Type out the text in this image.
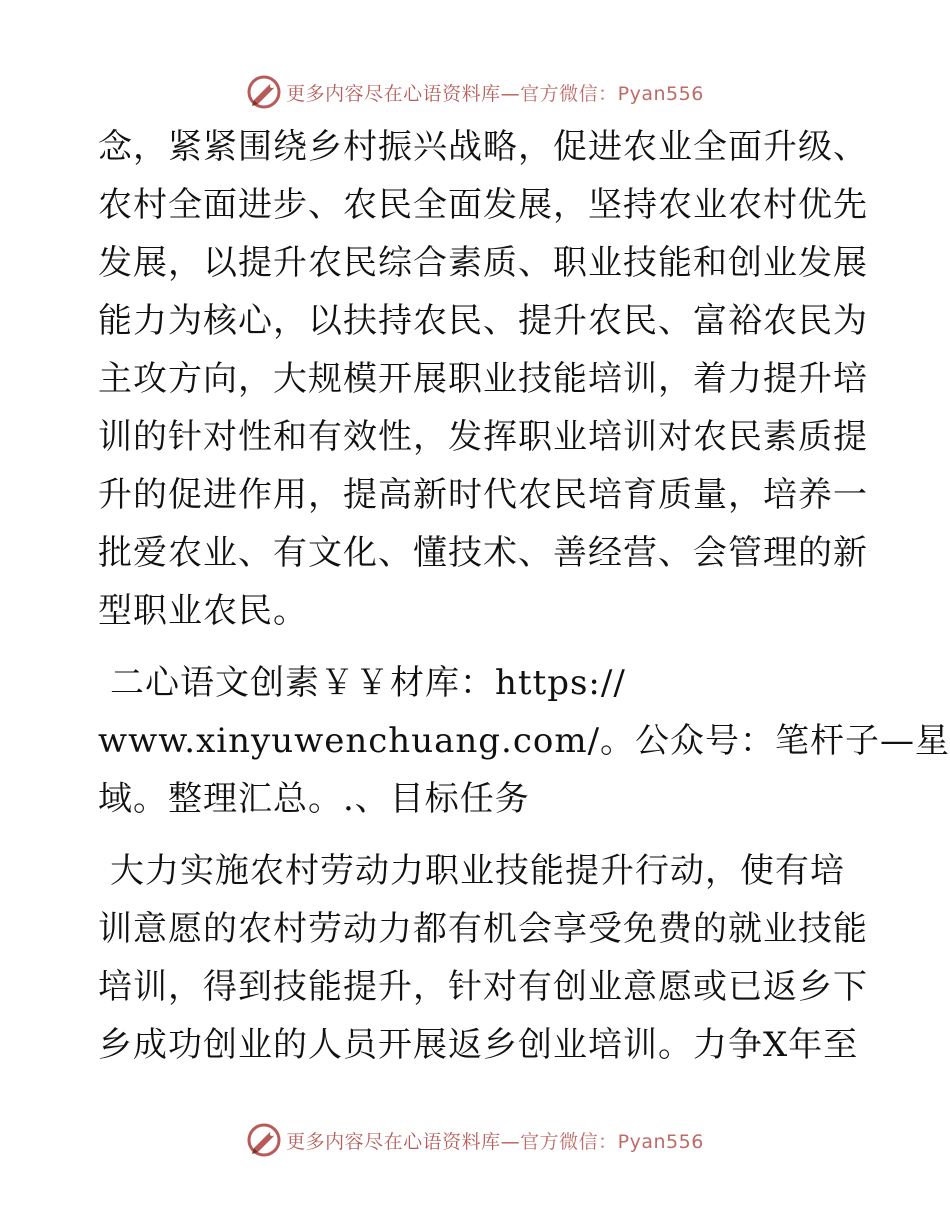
更多内容尽在心语资料库—官方微信：Pyan556
念，紧紧围绕乡村振兴战略，促进农业全面升级、
农村全面进步、农民全面发展，坚持农业农村优先
发展，以提升农民综合素质、职业技能和创业发展
能力为核心，以扶持农民、提升农民、富裕农民为
主攻方向，大规模开展职业技能培训，着力提升培
训的针对性和有效性，发挥职业培训对农民素质提
升的促进作用，提高新时代农民培育质量，培养一
批爱农业、有文化、懂技术、善经营、会管理的新
型职业农民。
二心语文创素￥￥材库：https://
www.xinyuwenchuang.com/。公众号：笔杆子—星
域。整理汇总。.、目标任务
大力实施农村劳动力职业技能提升行动，使有培
训意愿的农村劳动力都有机会享受免费的就业技能
培训，得到技能提升，针对有创业意愿或已返乡下
乡成功创业的人员开展返乡创业培训。力争X年至
更多内容尽在心语资料库—官方微信：Pyan556
